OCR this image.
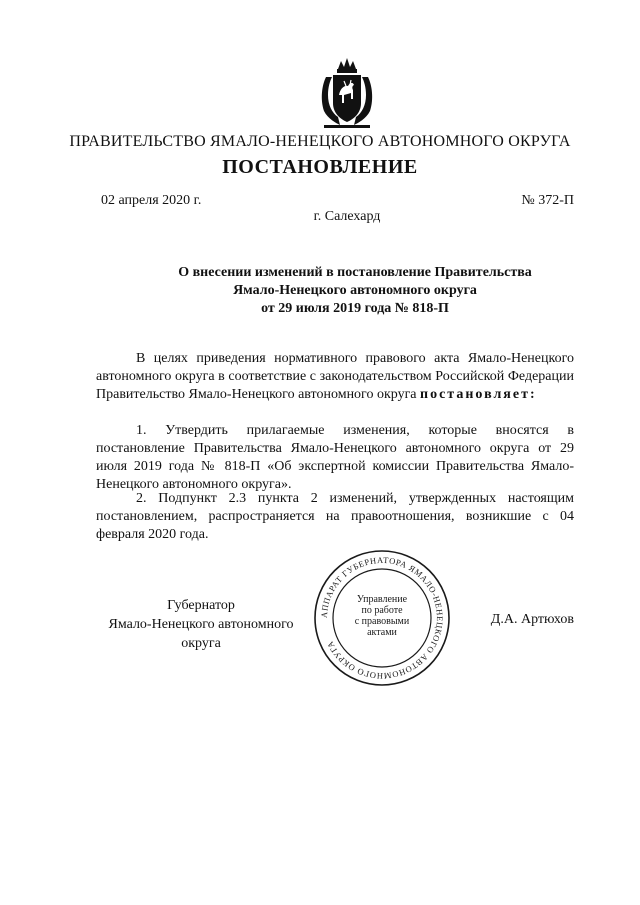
ПРАВИТЕЛЬСТВО ЯМАЛО-НЕНЕЦКОГО АВТОНОМНОГО ОКРУГА
ПОСТАНОВЛЕНИЕ
02 апреля 2020 г.	№ 372-П
г. Салехард
О внесении изменений в постановление Правительства
Ямало-Ненецкого автономного округа
от 29 июля 2019 года № 818-П

В целях приведения нормативного правового акта Ямало-Ненецкого автономного округа в соответствие с законодательством Российской Федерации Правительство Ямало-Ненецкого автономного округа постановляет:

1. Утвердить прилагаемые изменения, которые вносятся в постановление Правительства Ямало-Ненецкого автономного округа от 29 июля 2019 года № 818-П «Об экспертной комиссии Правительства Ямало-Ненецкого автономного округа».

2. Подпункт 2.3 пункта 2 изменений, утвержденных настоящим постановлением, распространяется на правоотношения, возникшие с 04 февраля 2020 года.

АППАРАТ ГУБЕРНАТОРА ЯМАЛО-НЕНЕЦКОГО АВТОНОМНОГО ОКРУГА
Управление
по работе
с правовыми
актами
Губернатор
Ямало-Ненецкого автономного округа
Д.А. Артюхов
